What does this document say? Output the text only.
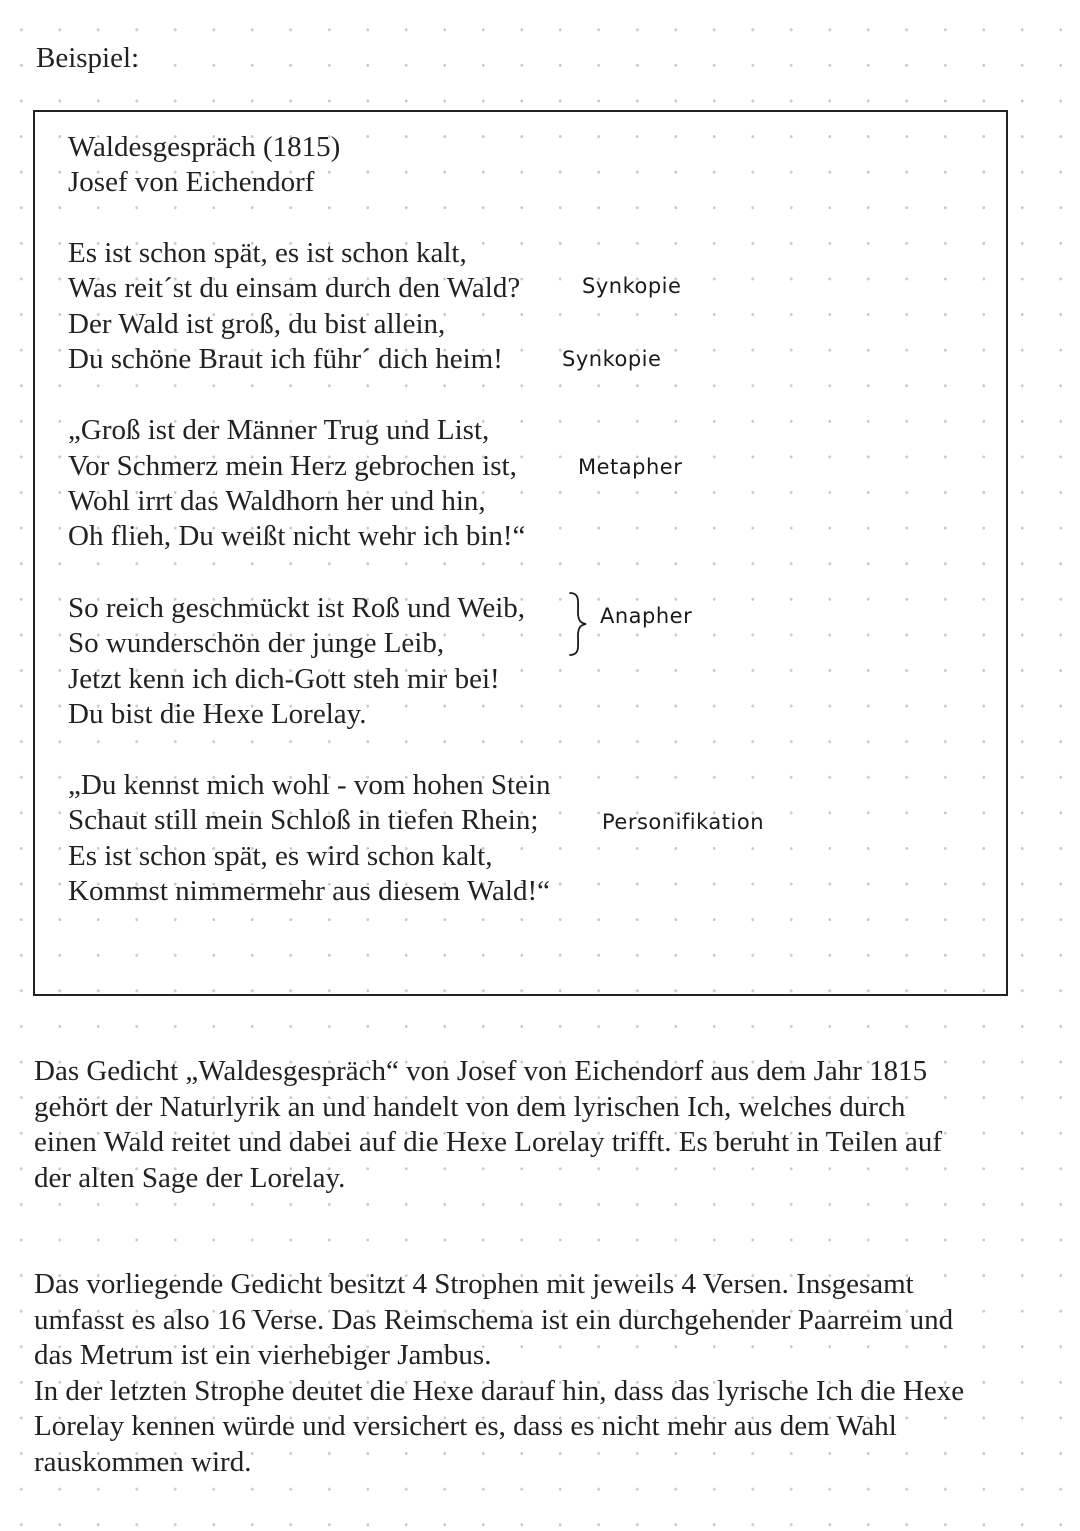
Beispiel:
Waldesgespräch (1815)
Josef von Eichendorf
Es ist schon spät, es ist schon kalt,
Was reit´st du einsam durch den Wald?
Der Wald ist groß, du bist allein,
Du schöne Braut ich führ´ dich heim!
„Groß ist der Männer Trug und List,
Vor Schmerz mein Herz gebrochen ist,
Wohl irrt das Waldhorn her und hin,
Oh flieh, Du weißt nicht wehr ich bin!“
So reich geschmückt ist Roß und Weib,
So wunderschön der junge Leib,
Jetzt kenn ich dich-Gott steh mir bei!
Du bist die Hexe Lorelay.
„Du kennst mich wohl - vom hohen Stein
Schaut still mein Schloß in tiefen Rhein;
Es ist schon spät, es wird schon kalt,
Kommst nimmermehr aus diesem Wald!“
Synkopie
Synkopie
Metapher
Anapher
Personifikation
Das Gedicht „Waldesgespräch“ von Josef von Eichendorf aus dem Jahr 1815
gehört der Naturlyrik an und handelt von dem lyrischen Ich, welches durch
einen Wald reitet und dabei auf die Hexe Lorelay trifft. Es beruht in Teilen auf
der alten Sage der Lorelay.
Das vorliegende Gedicht besitzt 4 Strophen mit jeweils 4 Versen. Insgesamt
umfasst es also 16 Verse. Das Reimschema ist ein durchgehender Paarreim und
das Metrum ist ein vierhebiger Jambus.
In der letzten Strophe deutet die Hexe darauf hin, dass das lyrische Ich die Hexe
Lorelay kennen würde und versichert es, dass es nicht mehr aus dem Wahl
rauskommen wird.
